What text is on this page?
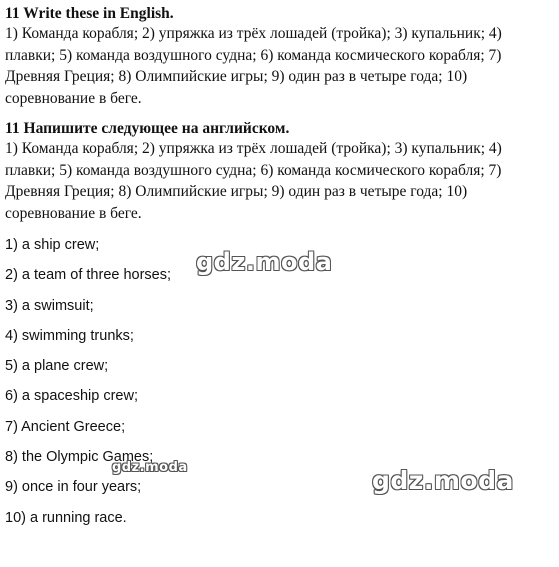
11 Write these in English.

1) Команда корабля; 2) упряжка из трёх лошадей (тройка); 3) купальник; 4) плавки; 5) команда воздушного судна; 6) команда космического корабля; 7) Древняя Греция; 8) Олимпийские игры; 9) один раз в четыре года; 10) соревнование в беге.

11 Напишите следующее на английском.

1) Команда корабля; 2) упряжка из трёх лошадей (тройка); 3) купальник; 4) плавки; 5) команда воздушного судна; 6) команда космического корабля; 7) Древняя Греция; 8) Олимпийские игры; 9) один раз в четыре года; 10) соревнование в беге.

1) a ship crew;
2) a team of three horses;
3) a swimsuit;
4) swimming trunks;
5) a plane crew;
6) a spaceship crew;
7) Ancient Greece;
8) the Olympic Games;
9) once in four years;
10) a running race.
gdz.moda
gdz.moda	gdz.moda
